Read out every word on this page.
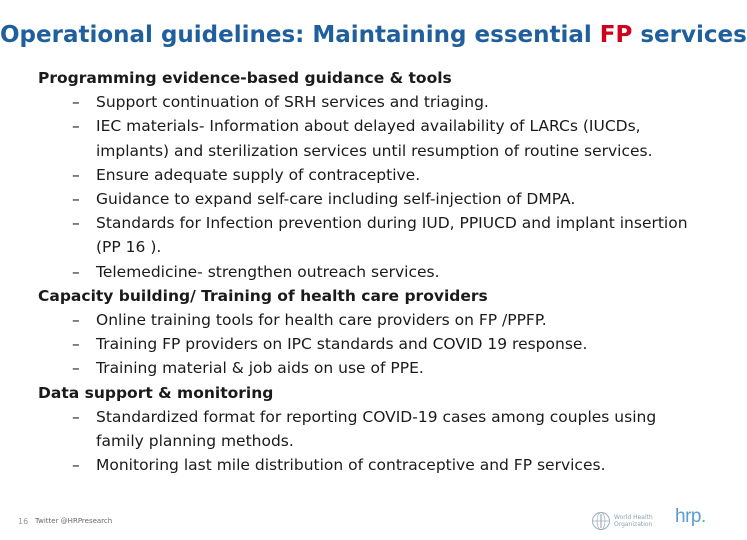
Operational guidelines: Maintaining essential FP services
Programming evidence-based guidance & tools
– Support continuation of SRH services and triaging.
– IEC materials- Information about delayed availability of LARCs (IUCDs, implants) and sterilization services until resumption of routine services.
– Ensure adequate supply of contraceptive.
– Guidance to expand self-care including self-injection of DMPA.
– Standards for Infection prevention during IUD, PPIUCD and implant insertion (PP 16 ).
– Telemedicine- strengthen outreach services.
Capacity building/ Training of health care providers
– Online training tools for health care providers on FP /PPFP.
– Training FP providers on IPC standards and COVID 19 response.
– Training material & job aids on use of PPE.
Data support & monitoring
– Standardized format for reporting COVID-19 cases among couples using family planning methods.
– Monitoring last mile distribution of contraceptive and FP services.
16 Twitter @HRPresearch	World Health Organization hrp.
